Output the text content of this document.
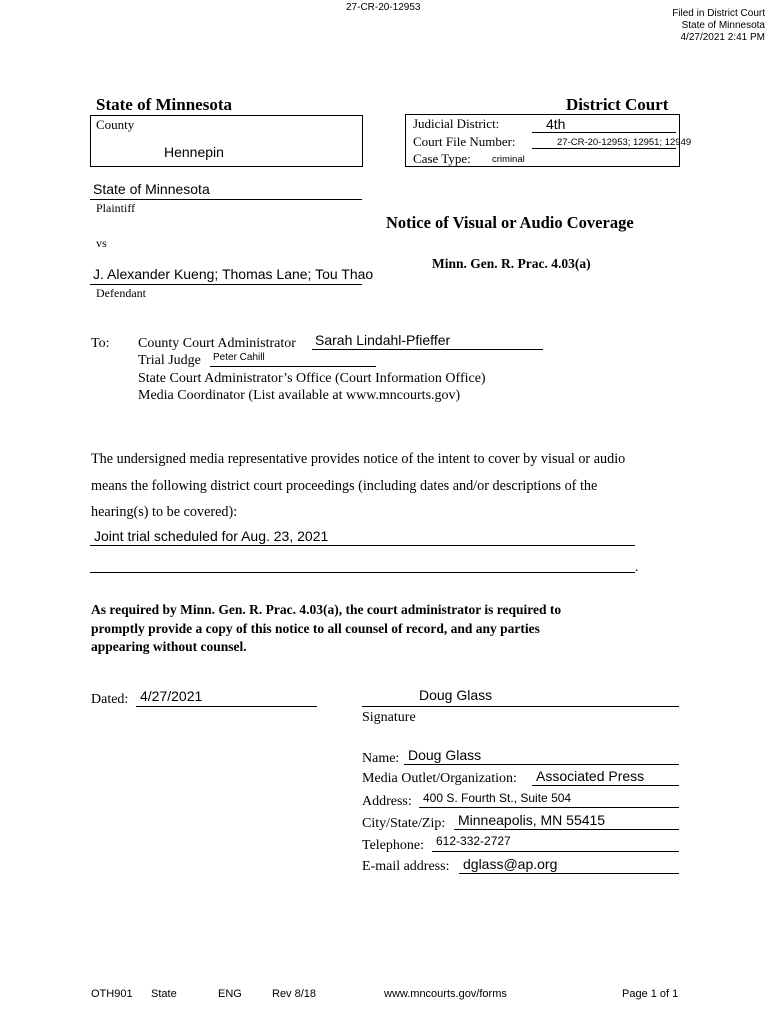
27-CR-20-12953
Filed in District Court
State of Minnesota
4/27/2021 2:41 PM
State of Minnesota	District Court
County
Hennepin
Judicial District:	4th
Court File Number:	27-CR-20-12953; 12951; 12949
Case Type: criminal
State of Minnesota
Plaintiff
vs
J. Alexander Kueng; Thomas Lane; Tou Thao
Defendant
Notice of Visual or Audio Coverage
Minn. Gen. R. Prac. 4.03(a)
To: County Court Administrator Sarah Lindahl-Pfieffer
Trial Judge Peter Cahill
State Court Administrator’s Office (Court Information Office)
Media Coordinator (List available at www.mncourts.gov)
The undersigned media representative provides notice of the intent to cover by visual or audio
means the following district court proceedings (including dates and/or descriptions of the
hearing(s) to be covered):
Joint trial scheduled for Aug. 23, 2021
.
As required by Minn. Gen. R. Prac. 4.03(a), the court administrator is required to
promptly provide a copy of this notice to all counsel of record, and any parties
appearing without counsel.
Dated: 4/27/2021	Doug Glass
Signature
Name: Doug Glass
Media Outlet/Organization: Associated Press
Address: 400 S. Fourth St., Suite 504
City/State/Zip: Minneapolis, MN 55415
Telephone: 612-332-2727
E-mail address: dglass@ap.org
OTH901 State	ENG	Rev 8/18	www.mncourts.gov/forms	Page 1 of 1
